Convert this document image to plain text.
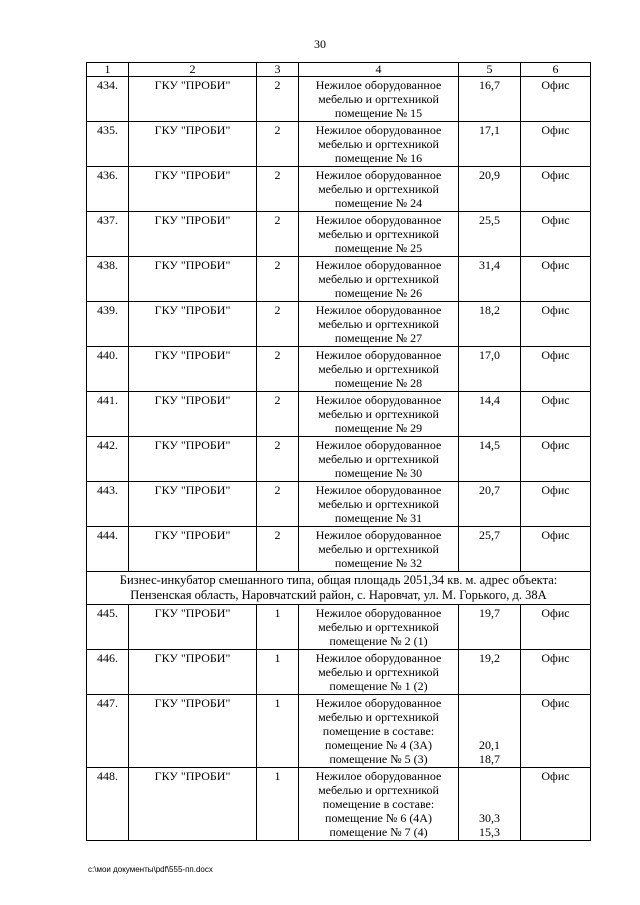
30
1	2	3	4	5	6
434.	ГКУ "ПРОБИ"	2	Нежилое оборудованное
мебелью и оргтехникой
помещение № 15	16,7	Офис
435.	ГКУ "ПРОБИ"	2	Нежилое оборудованное
мебелью и оргтехникой
помещение № 16	17,1	Офис
436.	ГКУ "ПРОБИ"	2	Нежилое оборудованное
мебелью и оргтехникой
помещение № 24	20,9	Офис
437.	ГКУ "ПРОБИ"	2	Нежилое оборудованное
мебелью и оргтехникой
помещение № 25	25,5	Офис
438.	ГКУ "ПРОБИ"	2	Нежилое оборудованное
мебелью и оргтехникой
помещение № 26	31,4	Офис
439.	ГКУ "ПРОБИ"	2	Нежилое оборудованное
мебелью и оргтехникой
помещение № 27	18,2	Офис
440.	ГКУ "ПРОБИ"	2	Нежилое оборудованное
мебелью и оргтехникой
помещение № 28	17,0	Офис
441.	ГКУ "ПРОБИ"	2	Нежилое оборудованное
мебелью и оргтехникой
помещение № 29	14,4	Офис
442.	ГКУ "ПРОБИ"	2	Нежилое оборудованное
мебелью и оргтехникой
помещение № 30	14,5	Офис
443.	ГКУ "ПРОБИ"	2	Нежилое оборудованное
мебелью и оргтехникой
помещение № 31	20,7	Офис
444.	ГКУ "ПРОБИ"	2	Нежилое оборудованное
мебелью и оргтехникой
помещение № 32	25,7	Офис

Бизнес-инкубатор смешанного типа, общая площадь 2051,34 кв. м. адрес объекта:
Пензенская область, Наровчатский район, с. Наровчат, ул. М. Горького, д. 38А					

445.	ГКУ "ПРОБИ"	1	Нежилое оборудованное
мебелью и оргтехникой
помещение № 2 (1)	19,7	Офис
446.	ГКУ "ПРОБИ"	1	Нежилое оборудованное
мебелью и оргтехникой
помещение № 1 (2)	19,2	Офис
447.	ГКУ "ПРОБИ"	1	Нежилое оборудованное
мебелью и оргтехникой
помещение в составе:
помещение № 4 (3А)
помещение № 5 (3)	20,1
18,7	Офис
448.	ГКУ "ПРОБИ"	1	Нежилое оборудованное
мебелью и оргтехникой
помещение в составе:
помещение № 6 (4А)
помещение № 7 (4)	30,3
15,3	Офис
c:\мои документы\pdf\555-пп.docx
